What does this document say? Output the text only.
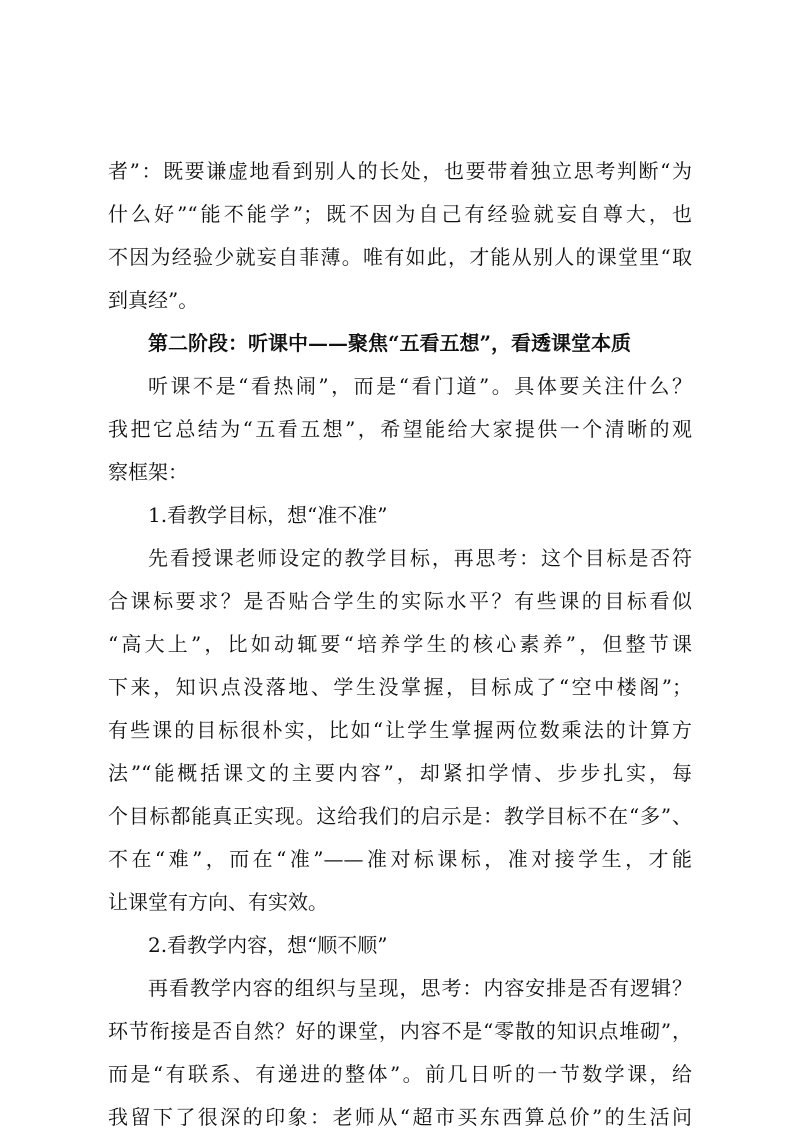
者”：既要谦虚地看到别人的长处，也要带着独立思考判断“为
什么好”“能不能学”；既不因为自己有经验就妄自尊大，也
不因为经验少就妄自菲薄。唯有如此，才能从别人的课堂里“取
到真经”。
第二阶段：听课中——聚焦“五看五想”，看透课堂本质
听课不是“看热闹”，而是“看门道”。具体要关注什么？
我把它总结为“五看五想”，希望能给大家提供一个清晰的观
察框架：
1.看教学目标，想“准不准”
先看授课老师设定的教学目标，再思考：这个目标是否符
合课标要求？是否贴合学生的实际水平？有些课的目标看似
“高大上”，比如动辄要“培养学生的核心素养”，但整节课
下来，知识点没落地、学生没掌握，目标成了“空中楼阁”；
有些课的目标很朴实，比如“让学生掌握两位数乘法的计算方
法”“能概括课文的主要内容”，却紧扣学情、步步扎实，每
个目标都能真正实现。这给我们的启示是：教学目标不在“多”、
不在“难”，而在“准”——准对标课标，准对接学生，才能
让课堂有方向、有实效。
2.看教学内容，想“顺不顺”
再看教学内容的组织与呈现，思考：内容安排是否有逻辑？
环节衔接是否自然？好的课堂，内容不是“零散的知识点堆砌”，
而是“有联系、有递进的整体”。前几日听的一节数学课，给
我留下了很深的印象：老师从“超市买东西算总价”的生活问
